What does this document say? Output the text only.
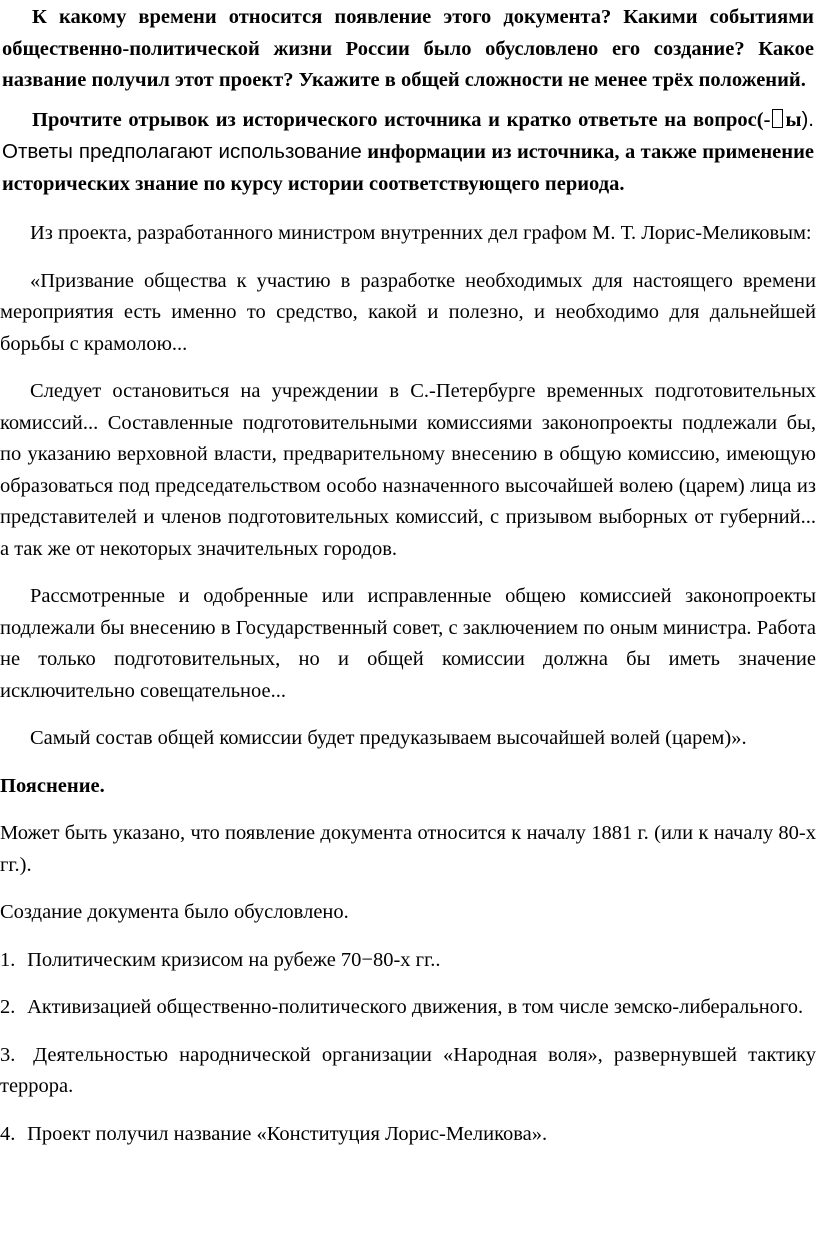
К какому времени относится появление этого документа? Какими событиями общественно-политической жизни России было обусловлено его создание? Какое название получил этот проект? Укажите в общей сложности не менее трёх положений.

Прочтите отрывок из исторического источника и кратко ответьте на вопрос(- ы). Ответы предполагают использование информации из источника, а также применение исторических знание по курсу истории соответствующего периода.

Из проекта, разработанного министром внутренних дел графом М. Т. Лорис-Меликовым:

«Призвание общества к участию в разработке необходимых для настоящего времени мероприятия есть именно то средство, какой и полезно, и необходимо для дальнейшей борьбы с крамолою...

Следует остановиться на учреждении в С.-Петербурге временных подготовительных комиссий... Составленные подготовительными комиссиями законопроекты подлежали бы, по указанию верховной власти, предварительному внесению в общую комиссию, имеющую образоваться под председательством особо назначенного высочайшей волею (царем) лица из представителей и членов подготовительных комиссий, с призывом выборных от губерний... а так же от некоторых значительных городов.

Рассмотренные и одобренные или исправленные общею комиссией законопроекты подлежали бы внесению в Государственный совет, с заключением по оным министра. Работа не только подготовительных, но и общей комиссии должна бы иметь значение исключительно совещательное...

Самый состав общей комиссии будет предуказываем высочайшей волей (царем)».

Пояснение.

Может быть указано, что появление документа относится к началу 1881 г. (или к началу 80-х гг.).

Создание документа было обусловлено.

1. Политическим кризисом на рубеже 70−80-х гг..

2. Активизацией общественно-политического движения, в том числе земско-либерального.

3. Деятельностью народнической организации «Народная воля», развернувшей тактику террора.

4. Проект получил название «Конституция Лорис-Меликова».
